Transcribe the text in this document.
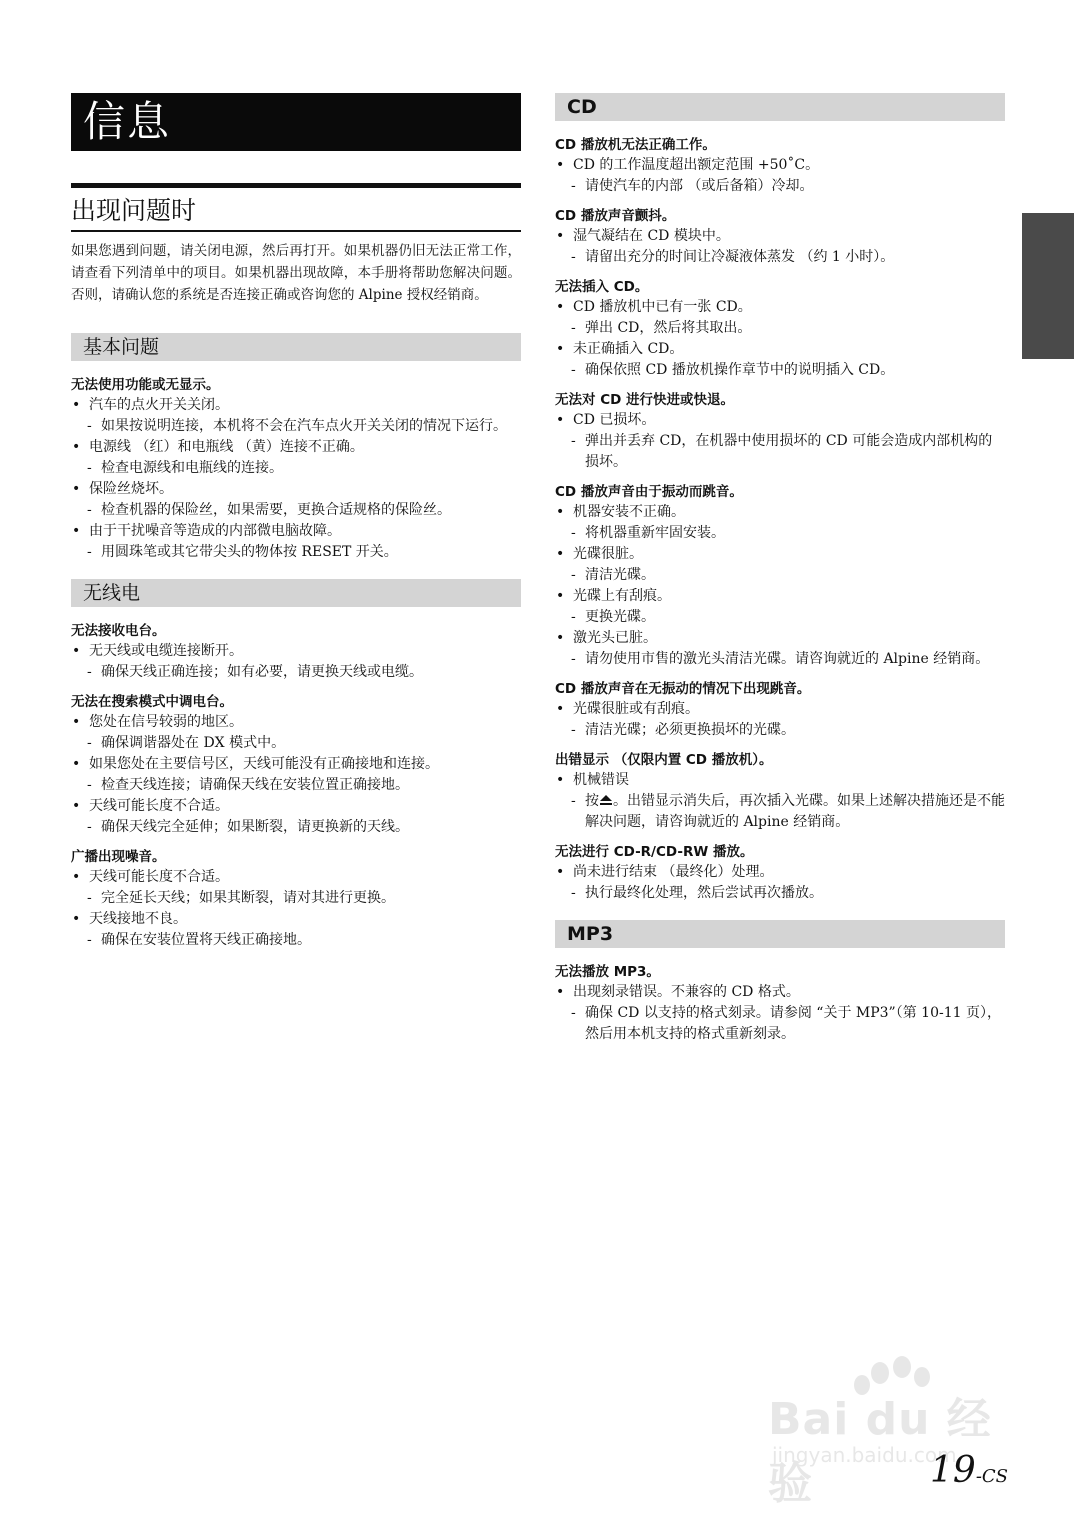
信息
出现问题时
如果您遇到问题，请关闭电源，然后再打开。如果机器仍旧无法正常工作，请查看下列清单中的项目。如果机器出现故障，本手册将帮助您解决问题。否则，请确认您的系统是否连接正确或咨询您的 Alpine 授权经销商。
基本问题
无法使用功能或无显示。
• 汽车的点火开关关闭。
- 如果按说明连接，本机将不会在汽车点火开关关闭的情况下运行。
• 电源线 （红）和电瓶线 （黄）连接不正确。
- 检查电源线和电瓶线的连接。
• 保险丝烧坏。
- 检查机器的保险丝，如果需要，更换合适规格的保险丝。
• 由于干扰噪音等造成的内部微电脑故障。
- 用圆珠笔或其它带尖头的物体按 RESET 开关。
无线电
无法接收电台。
• 无天线或电缆连接断开。
- 确保天线正确连接；如有必要，请更换天线或电缆。
无法在搜索模式中调电台。
• 您处在信号较弱的地区。
- 确保调谐器处在 DX 模式中。
• 如果您处在主要信号区，天线可能没有正确接地和连接。
- 检查天线连接；请确保天线在安装位置正确接地。
• 天线可能长度不合适。
- 确保天线完全延伸；如果断裂，请更换新的天线。
广播出现噪音。
• 天线可能长度不合适。
- 完全延长天线；如果其断裂，请对其进行更换。
• 天线接地不良。
- 确保在安装位置将天线正确接地。
CD
CD 播放机无法正确工作。
• CD 的工作温度超出额定范围 +50˚C。
- 请使汽车的内部 （或后备箱）冷却。
CD 播放声音颤抖。
• 湿气凝结在 CD 模块中。
- 请留出充分的时间让冷凝液体蒸发 （约 1 小时）。
无法插入 CD。
• CD 播放机中已有一张 CD。
- 弹出 CD，然后将其取出。
• 未正确插入 CD。
- 确保依照 CD 播放机操作章节中的说明插入 CD。
无法对 CD 进行快进或快退。
• CD 已损坏。
- 弹出并丢弃 CD，在机器中使用损坏的 CD 可能会造成内部机构的损坏。
CD 播放声音由于振动而跳音。
• 机器安装不正确。
- 将机器重新牢固安装。
• 光碟很脏。
- 清洁光碟。
• 光碟上有刮痕。
- 更换光碟。
• 激光头已脏。
- 请勿使用市售的激光头清洁光碟。请咨询就近的 Alpine 经销商。
CD 播放声音在无振动的情况下出现跳音。
• 光碟很脏或有刮痕。
- 清洁光碟；必须更换损坏的光碟。
出错显示 （仅限内置 CD 播放机）。
• 机械错误
- 按 。出错显示消失后，再次插入光碟。如果上述解决措施还是不能解决问题，请咨询就近的 Alpine 经销商。
无法进行 CD-R/CD-RW 播放。
• 尚未进行结束 （最终化）处理。
- 执行最终化处理，然后尝试再次播放。
MP3
无法播放 MP3。
• 出现刻录错误。不兼容的 CD 格式。
- 确保 CD 以支持的格式刻录。请参阅 “关于 MP3”（第 10-11 页），然后用本机支持的格式重新刻录。
Bai du 经验
jingyan.baidu.com
19-CS
